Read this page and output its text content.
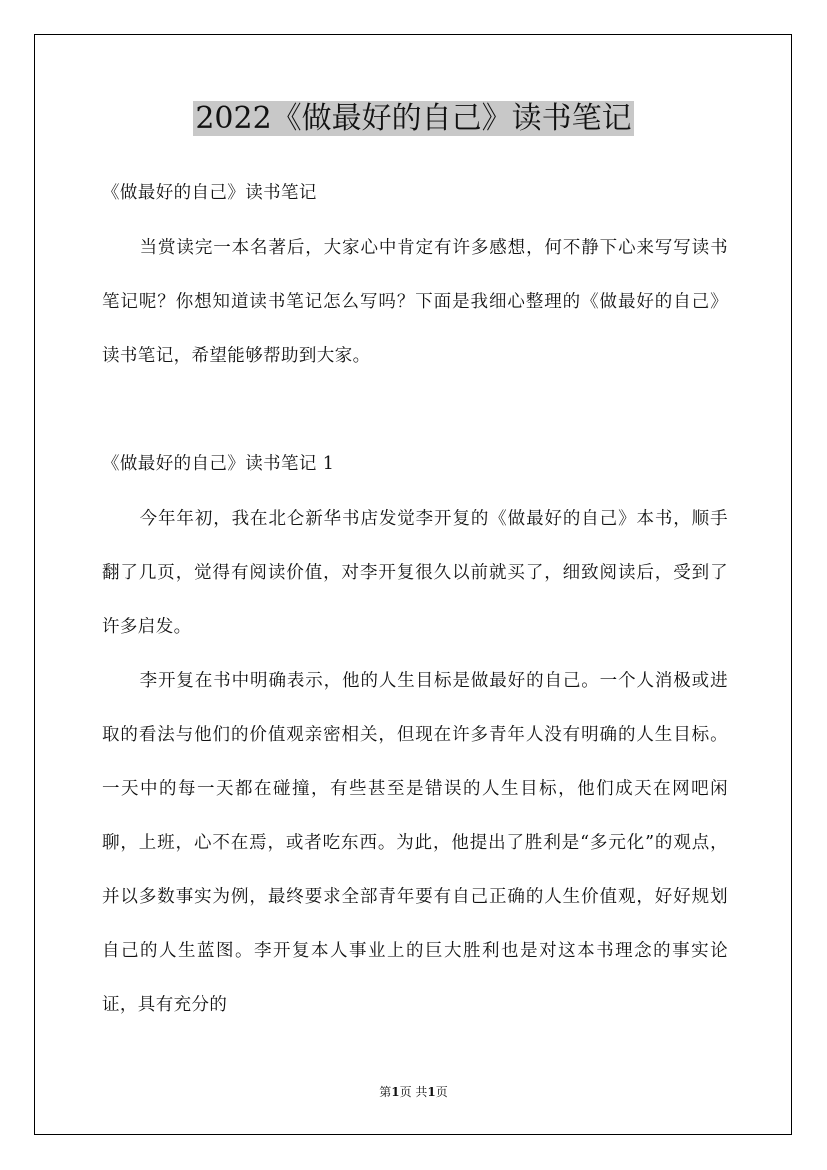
2022《做最好的自己》读书笔记
《做最好的自己》读书笔记
当赏读完一本名著后，大家心中肯定有许多感想，何不静下心来写写读书笔记呢？你想知道读书笔记怎么写吗？下面是我细心整理的《做最好的自己》读书笔记，希望能够帮助到大家。
《做最好的自己》读书笔记 1
今年年初，我在北仑新华书店发觉李开复的《做最好的自己》本书，顺手翻了几页，觉得有阅读价值，对李开复很久以前就买了，细致阅读后，受到了许多启发。
李开复在书中明确表示，他的人生目标是做最好的自己。一个人消极或进取的看法与他们的价值观亲密相关，但现在许多青年人没有明确的人生目标。一天中的每一天都在碰撞，有些甚至是错误的人生目标，他们成天在网吧闲聊，上班，心不在焉，或者吃东西。为此，他提出了胜利是“多元化”的观点，并以多数事实为例，最终要求全部青年要有自己正确的人生价值观，好好规划自己的人生蓝图。李开复本人事业上的巨大胜利也是对这本书理念的事实论证，具有充分的
第1页 共1页
